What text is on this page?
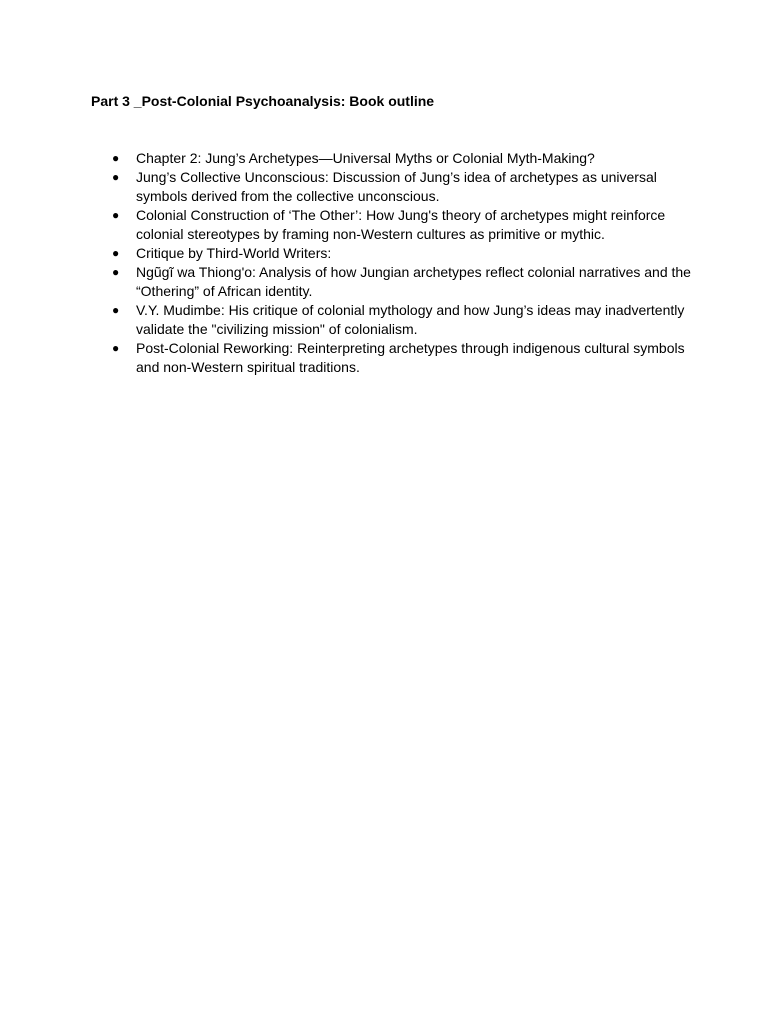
Part 3 _Post-Colonial Psychoanalysis: Book outline
● Chapter 2: Jung’s Archetypes—Universal Myths or Colonial Myth-Making?
● Jung’s Collective Unconscious: Discussion of Jung’s idea of archetypes as universal symbols derived from the collective unconscious.
● Colonial Construction of ‘The Other’: How Jung's theory of archetypes might reinforce colonial stereotypes by framing non-Western cultures as primitive or mythic.
● Critique by Third-World Writers:
● Ngũgĩ wa Thiong'o: Analysis of how Jungian archetypes reflect colonial narratives and the “Othering” of African identity.
● V.Y. Mudimbe: His critique of colonial mythology and how Jung’s ideas may inadvertently validate the "civilizing mission" of colonialism.
● Post-Colonial Reworking: Reinterpreting archetypes through indigenous cultural symbols and non-Western spiritual traditions.
